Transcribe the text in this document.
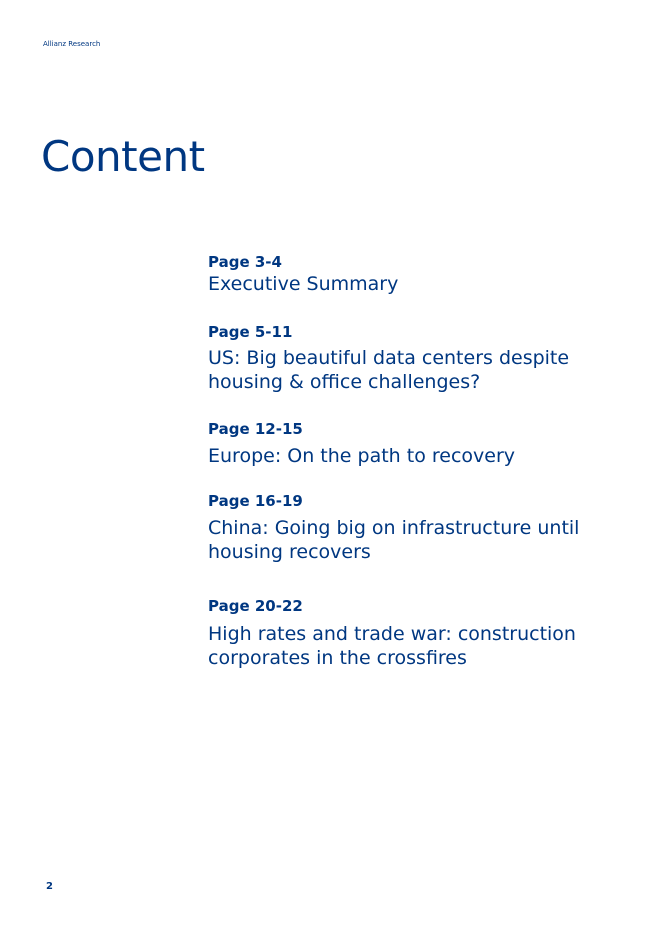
Allianz Research
Content
Page 3-4
Executive Summary
Page 5-11
US: Big beautiful data centers despite
housing & office challenges?
Page 12-15
Europe: On the path to recovery
Page 16-19
China: Going big on infrastructure until
housing recovers
Page 20-22
High rates and trade war: construction
corporates in the crossfires
2
